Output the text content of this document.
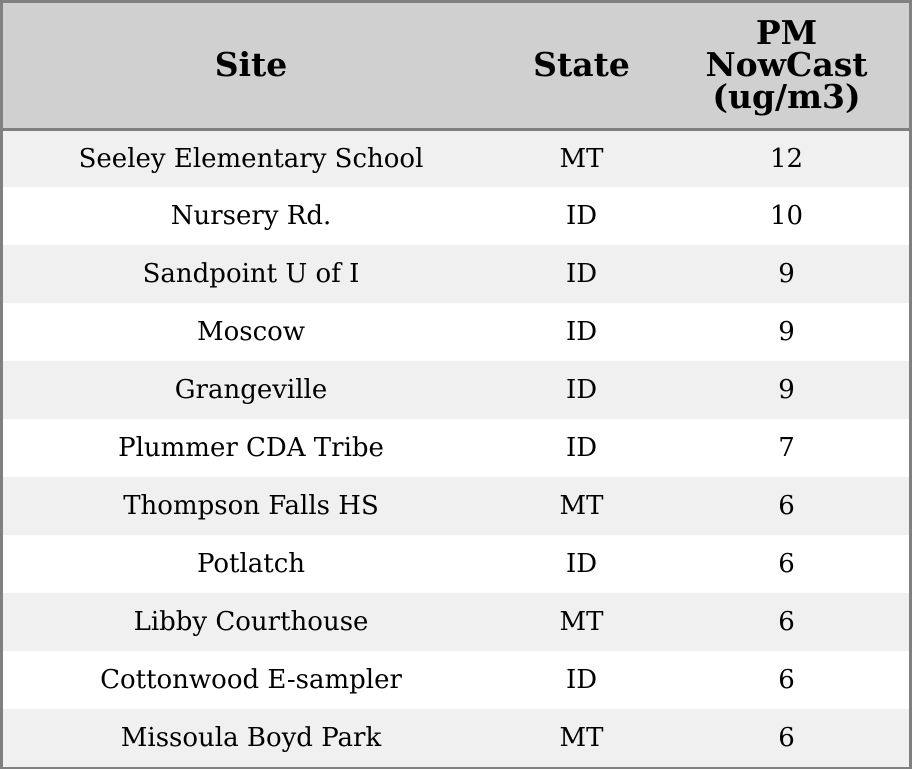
Site	State	PM
NowCast
(ug/m3)
Seeley Elementary School	MT	12
Nursery Rd.	ID	10
Sandpoint U of I	ID	9
Moscow	ID	9
Grangeville	ID	9
Plummer CDA Tribe	ID	7
Thompson Falls HS	MT	6
Potlatch	ID	6
Libby Courthouse	MT	6
Cottonwood E-sampler	ID	6
Missoula Boyd Park	MT	6
